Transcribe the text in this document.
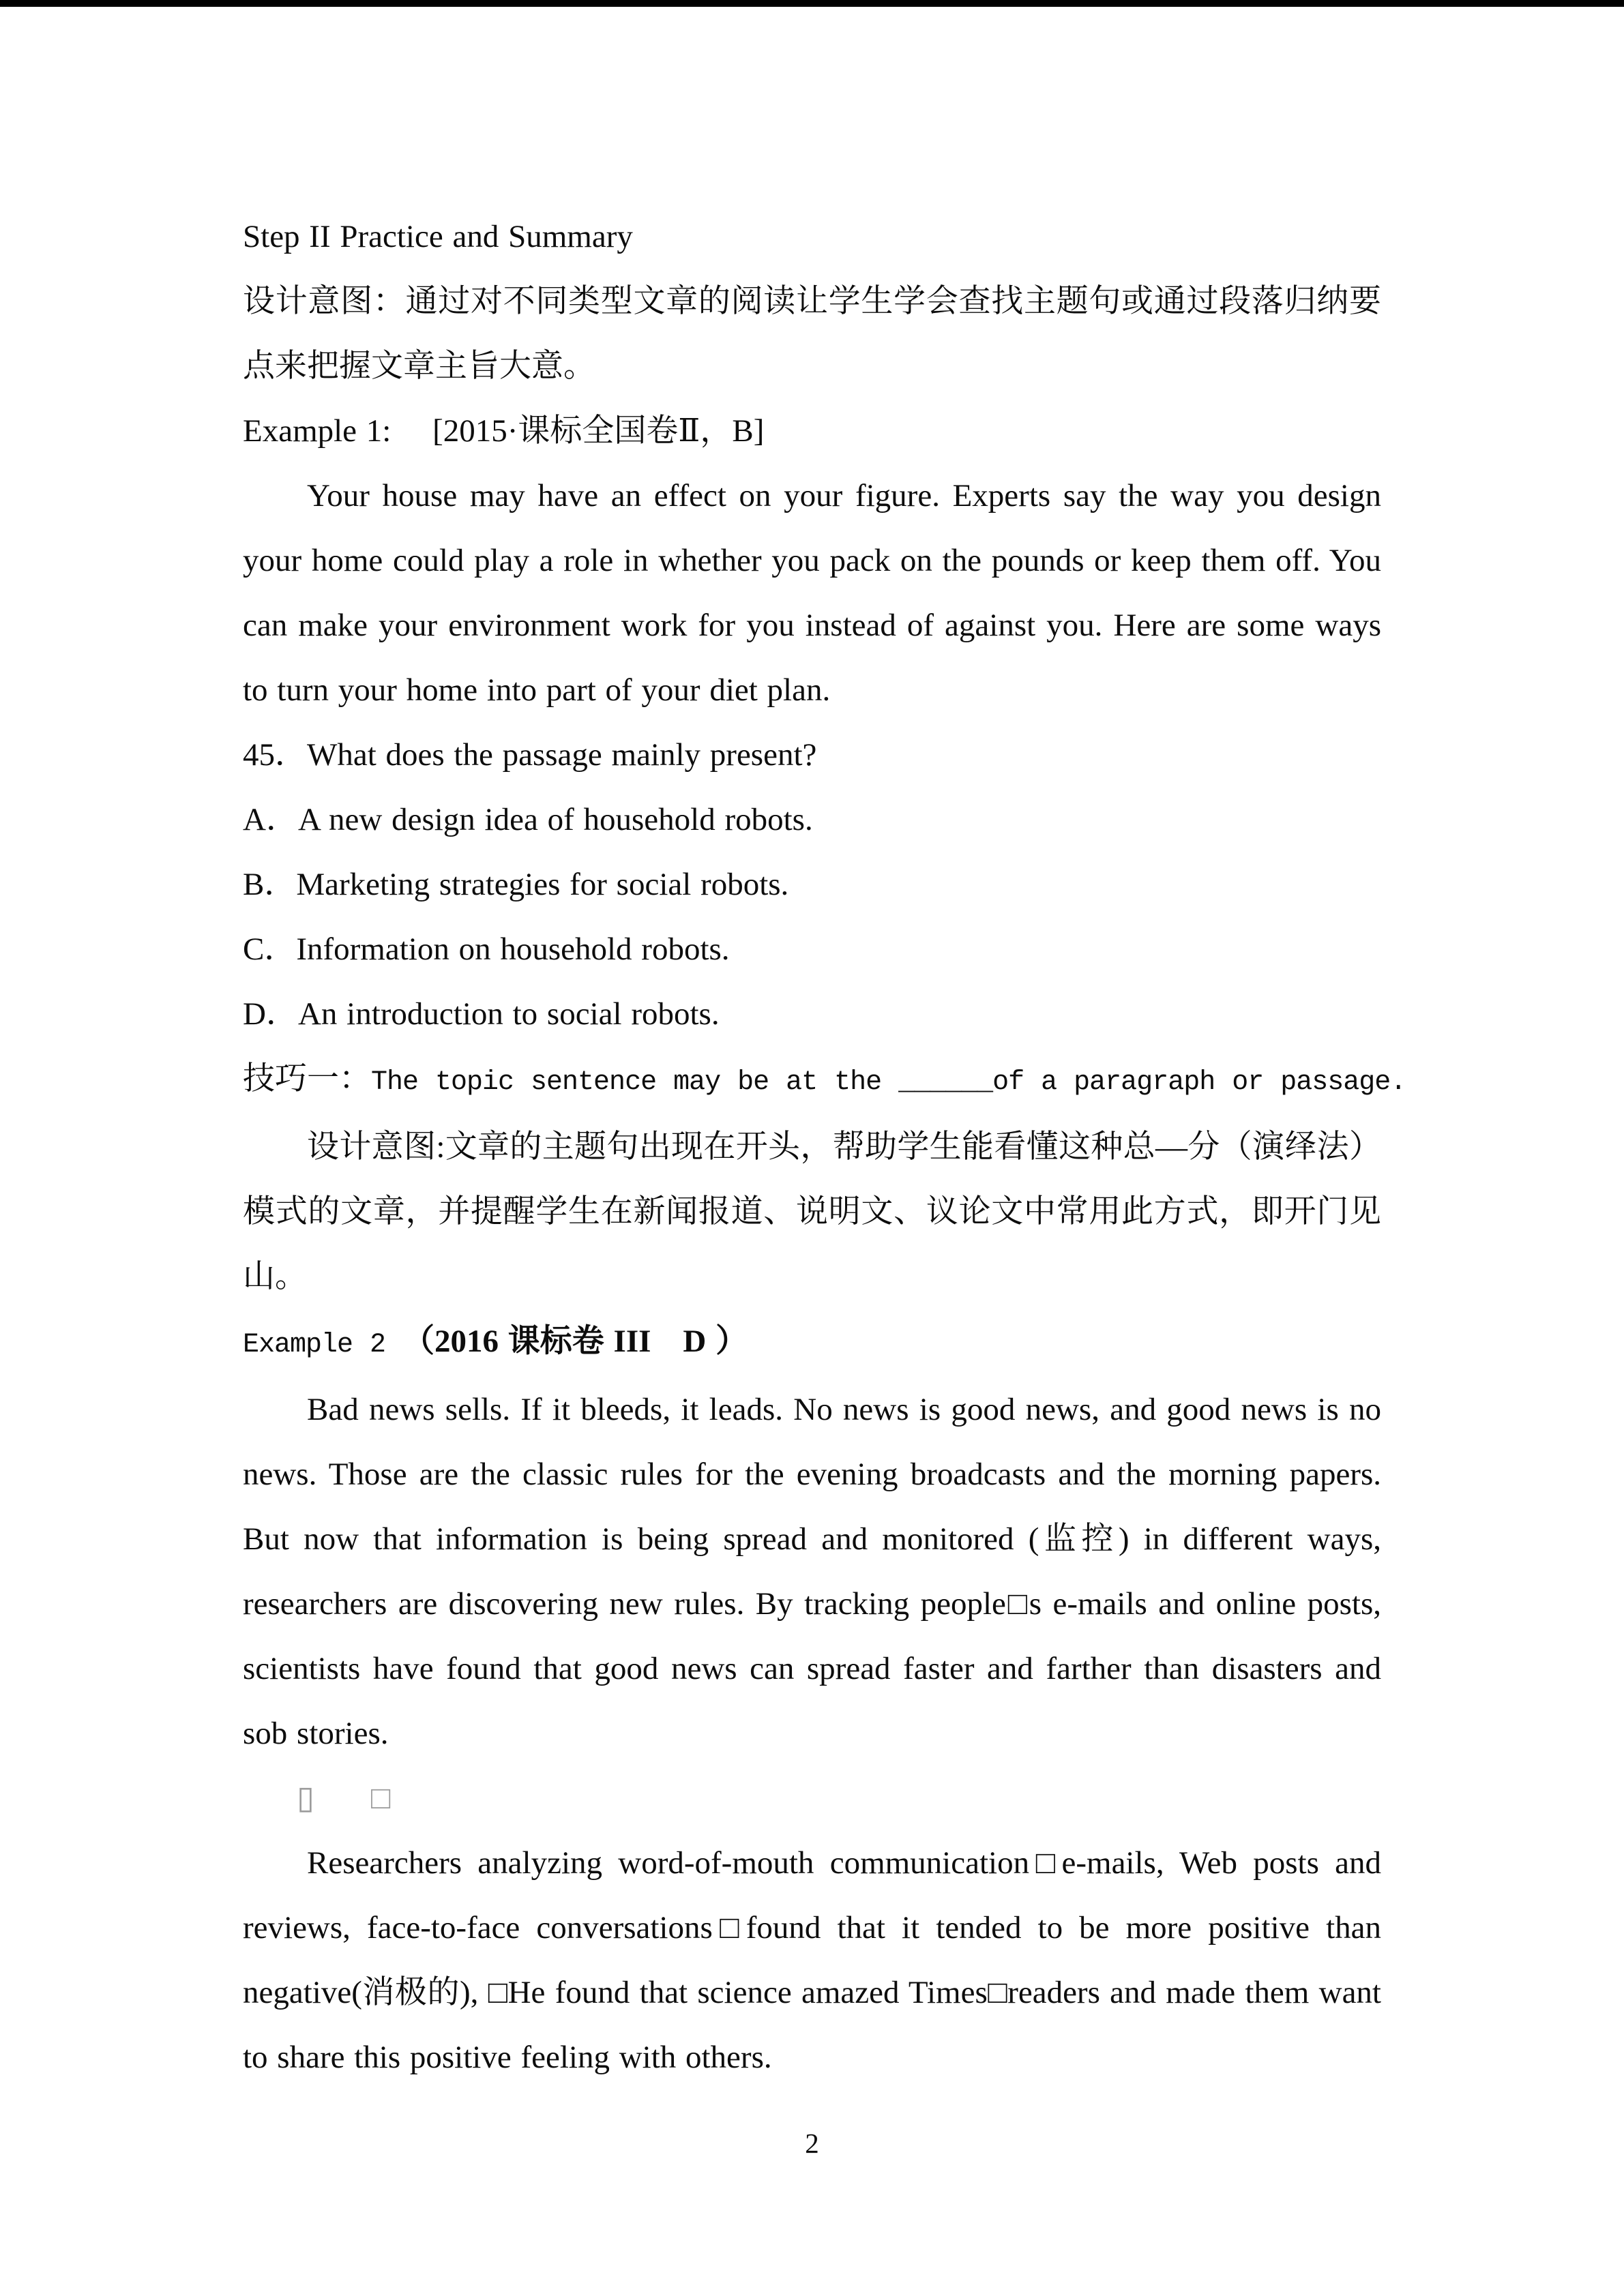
Step II Practice and Summary

设计意图：通过对不同类型文章的阅读让学生学会查找主题句或通过段落归纳要点来把握文章主旨大意。

Example 1:　 [2015·课标全国卷Ⅱ，B]

Your house may have an effect on your figure. Experts say the way you design your home could play a role in whether you pack on the pounds or keep them off. You can make your environment work for you instead of against you. Here are some ways to turn your home into part of your diet plan.

45．What does the passage mainly present?

A．A new design idea of household robots.

B．Marketing strategies for social robots.

C．Information on household robots.

D．An introduction to social robots.

技巧一：The topic sentence may be at the ______of a paragraph or passage.

设计意图:文章的主题句出现在开头，帮助学生能看懂这种总—分（演绎法）模式的文章，并提醒学生在新闻报道、说明文、议论文中常用此方式，即开门见山。

Example 2 （2016 课标卷 III　D ）

Bad news sells. If it bleeds, it leads. No news is good news, and good news is no news. Those are the classic rules for the evening broadcasts and the morning papers. But now that information is being spread and monitored (监控) in different ways, researchers are discovering new rules. By tracking people□s e-mails and online posts, scientists have found that good news can spread faster and farther than disasters and sob stories.

▯　□

Researchers analyzing word-of-mouth communication□e-mails, Web posts and reviews, face-to-face conversations□found that it tended to be more positive than negative(消极的), □He found that science amazed Times□readers and made them want to share this positive feeling with others.

2
